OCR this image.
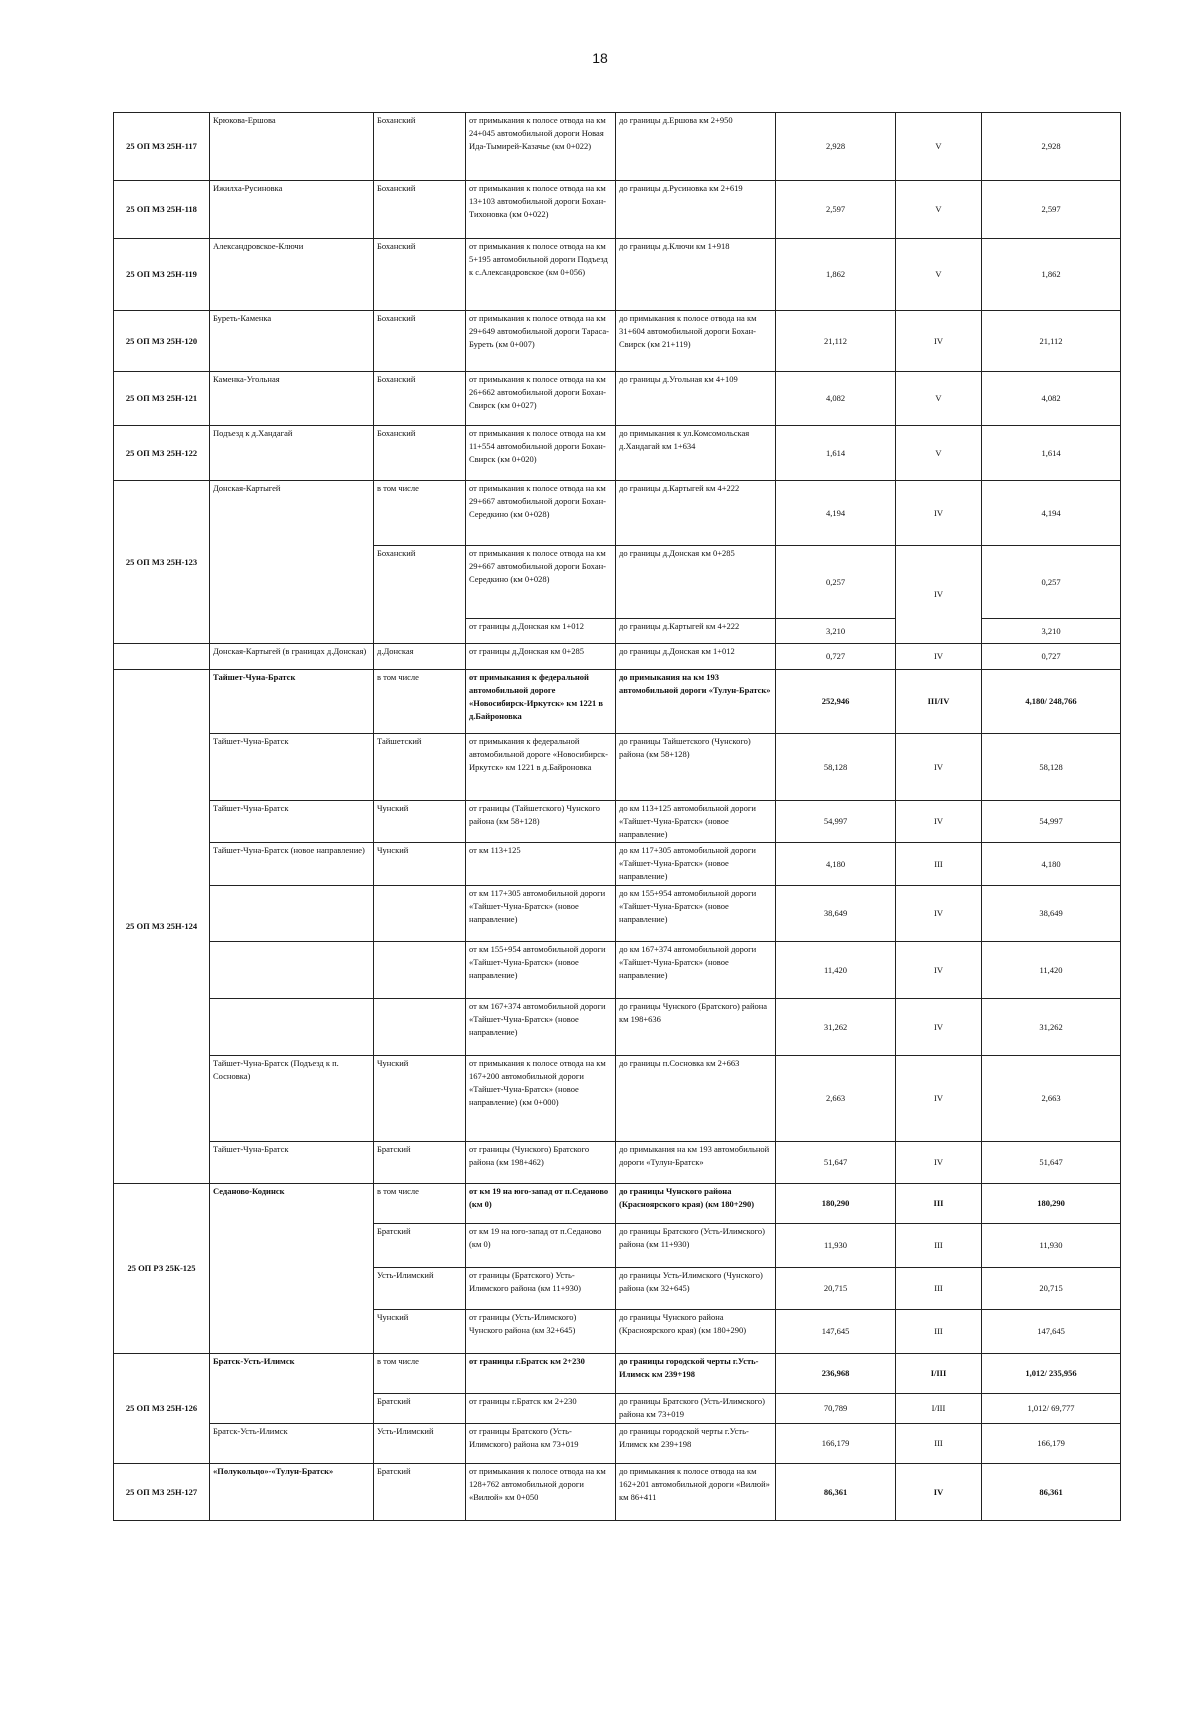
18
25 ОП МЗ 25Н-117	Крюкова-Ершова	Боханский	от примыкания к полосе отвода на км 24+045 автомобильной дороги Новая Ида-Тымирей-Казачье (км 0+022)	до границы д.Ершова км 2+950	2,928	V	2,928
25 ОП МЗ 25Н-118	Ижилха-Русиновка	Боханский	от примыкания к полосе отвода на км 13+103 автомобильной дороги Бохан-Тихоновка (км 0+022)	до границы д.Русиновка км 2+619	2,597	V	2,597
25 ОП МЗ 25Н-119	Александровское-Ключи	Боханский	от примыкания к полосе отвода на км 5+195 автомобильной дороги Подъезд к с.Александровское (км 0+056)	до границы д.Ключи км 1+918	1,862	V	1,862
25 ОП МЗ 25Н-120	Буреть-Каменка	Боханский	от примыкания к полосе отвода на км 29+649 автомобильной дороги Тараса-Буреть (км 0+007)	до примыкания к полосе отвода на км 31+604 автомобильной дороги Бохан-Свирск (км 21+119)	21,112	IV	21,112
25 ОП МЗ 25Н-121	Каменка-Угольная	Боханский	от примыкания к полосе отвода на км 26+662 автомобильной дороги Бохан-Свирск (км 0+027)	до границы д.Угольная км 4+109	4,082	V	4,082
25 ОП МЗ 25Н-122	Подъезд к д.Хандагай	Боханский	от примыкания к полосе отвода на км 11+554 автомобильной дороги Бохан-Свирск (км 0+020)	до примыкания к ул.Комсомольская д.Хандагай км 1+634	1,614	V	1,614
25 ОП МЗ 25Н-123	Донская-Картыгей	в том числе	от примыкания к полосе отвода на км 29+667 автомобильной дороги Бохан-Середкино (км 0+028)	до границы д.Картыгей км 4+222	4,194	IV	4,194
		Боханский	от примыкания к полосе отвода на км 29+667 автомобильной дороги Бохан-Середкино (км 0+028)	до границы д.Донская км 0+285	0,257	IV	0,257
			от границы д.Донская км 1+012	до границы д.Картыгей км 4+222	3,210		3,210
	Донская-Картыгей (в границах д.Донская)	д.Донская	от границы д.Донская км 0+285	до границы д.Донская км 1+012	0,727	IV	0,727
25 ОП МЗ 25Н-124	Тайшет-Чуна-Братск	в том числе	от примыкания к федеральной автомобильной дороге «Новосибирск-Иркутск» км 1221 в д.Байроновка	до примыкания на км 193 автомобильной дороги «Тулун-Братск»	252,946	III/IV	4,180/ 248,766
	Тайшет-Чуна-Братск	Тайшетский	от примыкания к федеральной автомобильной дороге «Новосибирск-Иркутск» км 1221 в д.Байроновка	до границы Тайшетского (Чунского) района (км 58+128)	58,128	IV	58,128
	Тайшет-Чуна-Братск	Чунский	от границы (Тайшетского) Чунского района (км 58+128)	до км 113+125 автомобильной дороги «Тайшет-Чуна-Братск» (новое направление)	54,997	IV	54,997
	Тайшет-Чуна-Братск (новое направление)	Чунский	от км 113+125	до км 117+305 автомобильной дороги «Тайшет-Чуна-Братск» (новое направление)	4,180	III	4,180
			от км 117+305 автомобильной дороги «Тайшет-Чуна-Братск» (новое направление)	до км 155+954 автомобильной дороги «Тайшет-Чуна-Братск» (новое направление)	38,649	IV	38,649
			от км 155+954 автомобильной дороги «Тайшет-Чуна-Братск» (новое направление)	до км 167+374 автомобильной дороги «Тайшет-Чуна-Братск» (новое направление)	11,420	IV	11,420
			от км 167+374 автомобильной дороги «Тайшет-Чуна-Братск» (новое направление)	до границы Чунского (Братского) района км 198+636	31,262	IV	31,262
	Тайшет-Чуна-Братск (Подъезд к п. Сосновка)	Чунский	от примыкания к полосе отвода на км 167+200 автомобильной дороги «Тайшет-Чуна-Братск» (новое направление) (км 0+000)	до границы п.Сосновка км 2+663	2,663	IV	2,663
	Тайшет-Чуна-Братск	Братский	от границы (Чунского) Братского района (км 198+462)	до примыкания на км 193 автомобильной дороги «Тулун-Братск»	51,647	IV	51,647
25 ОП РЗ 25К-125	Седаново-Кодинск	в том числе	от км 19 на юго-запад от п.Седаново (км 0)	до границы Чунского района (Красноярского края) (км 180+290)	180,290	III	180,290
		Братский	от км 19 на юго-запад от п.Седаново (км 0)	до границы Братского (Усть-Илимского) района (км 11+930)	11,930	III	11,930
		Усть-Илимский	от границы (Братского) Усть-Илимского района (км 11+930)	до границы Усть-Илимского (Чунского) района (км 32+645)	20,715	III	20,715
		Чунский	от границы (Усть-Илимского) Чунского района (км 32+645)	до границы Чунского района (Красноярского края) (км 180+290)	147,645	III	147,645
25 ОП МЗ 25Н-126	Братск-Усть-Илимск	в том числе	от границы г.Братск км 2+230	до границы городской черты г.Усть-Илимск км 239+198	236,968	I/III	1,012/ 235,956
		Братский	от границы г.Братск км 2+230	до границы Братского (Усть-Илимского) района км 73+019	70,789	I/III	1,012/ 69,777
	Братск-Усть-Илимск	Усть-Илимский	от границы Братского (Усть-Илимского) района км 73+019	до границы городской черты г.Усть-Илимск км 239+198	166,179	III	166,179
25 ОП МЗ 25Н-127	«Полукольцо»-«Тулун-Братск»	Братский	от примыкания к полосе отвода на км 128+762 автомобильной дороги «Вилюй» км 0+050	до примыкания к полосе отвода на км 162+201 автомобильной дороги «Вилюй» км 86+411	86,361	IV	86,361
